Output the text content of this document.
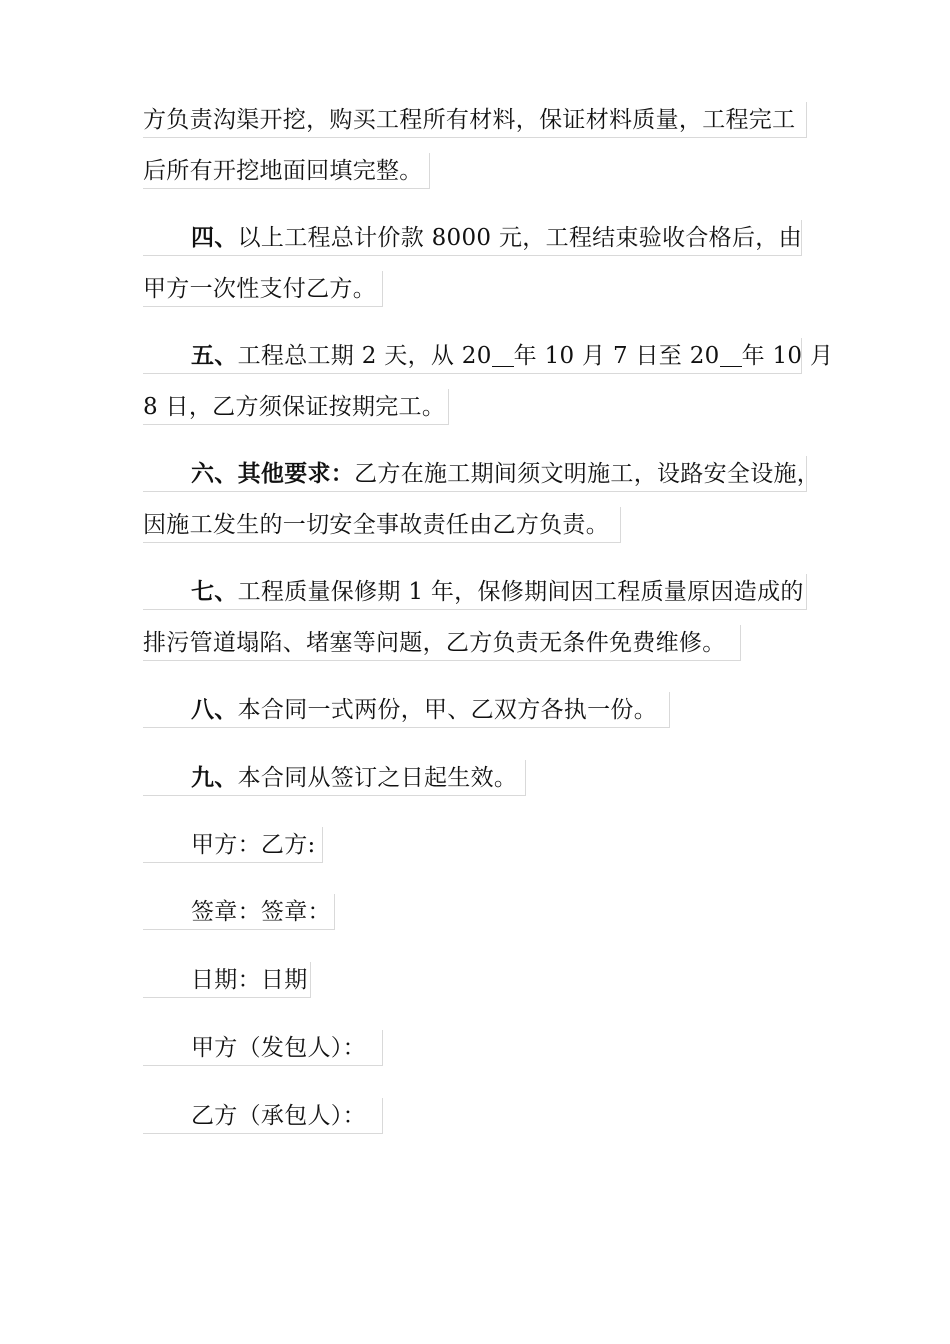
方负责沟渠开挖，购买工程所有材料，保证材料质量，工程完工
后所有开挖地面回填完整。
四、以上工程总计价款 8000 元，工程结束验收合格后，由
甲方一次性支付乙方。
五、工程总工期 2 天，从 20 年 10 月 7 日至 20 年 10 月
8 日，乙方须保证按期完工。
六、其他要求：乙方在施工期间须文明施工，设路安全设施，
因施工发生的一切安全事故责任由乙方负责。
七、工程质量保修期 1 年，保修期间因工程质量原因造成的
排污管道塌陷、堵塞等问题，乙方负责无条件免费维修。
八、本合同一式两份，甲、乙双方各执一份。
九、本合同从签订之日起生效。
甲方：乙方:
签章：签章：
日期：日期
甲方（发包人）：
乙方（承包人）：
